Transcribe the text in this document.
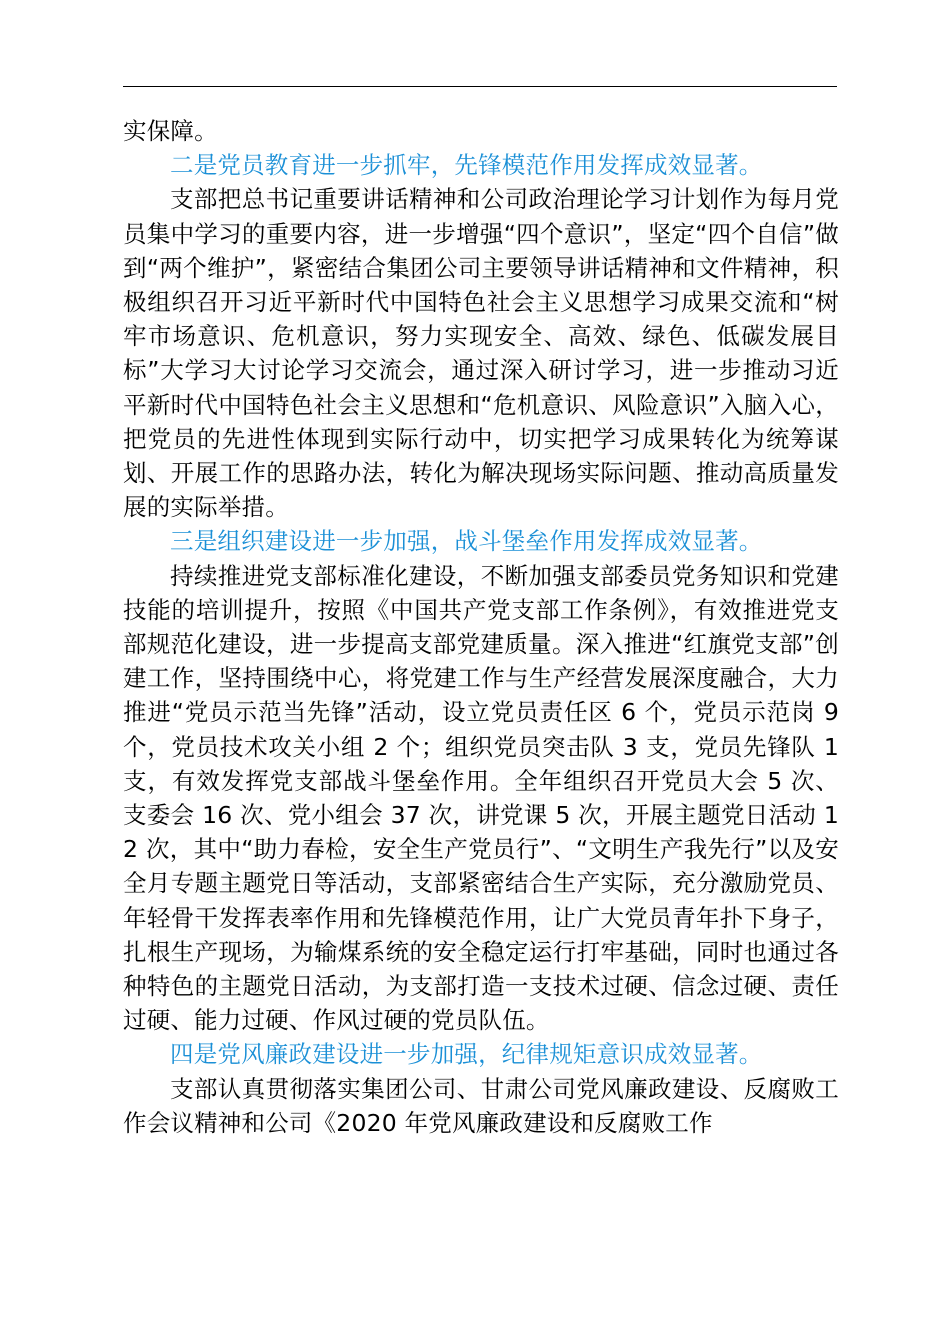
实保障。

二是党员教育进一步抓牢，先锋模范作用发挥成效显著。

支部把总书记重要讲话精神和公司政治理论学习计划作为每月党员集中学习的重要内容，进一步增强“四个意识”，坚定“四个自信”做到“两个维护”，紧密结合集团公司主要领导讲话精神和文件精神，积极组织召开习近平新时代中国特色社会主义思想学习成果交流和“树牢市场意识、危机意识，努力实现安全、高效、绿色、低碳发展目标”大学习大讨论学习交流会，通过深入研讨学习，进一步推动习近平新时代中国特色社会主义思想和“危机意识、风险意识”入脑入心，把党员的先进性体现到实际行动中，切实把学习成果转化为统筹谋划、开展工作的思路办法，转化为解决现场实际问题、推动高质量发展的实际举措。

三是组织建设进一步加强，战斗堡垒作用发挥成效显著。

持续推进党支部标准化建设，不断加强支部委员党务知识和党建技能的培训提升，按照《中国共产党支部工作条例》，有效推进党支部规范化建设，进一步提高支部党建质量。深入推进“红旗党支部”创建工作，坚持围绕中心，将党建工作与生产经营发展深度融合，大力推进“党员示范当先锋”活动，设立党员责任区 6 个，党员示范岗 9 个，党员技术攻关小组 2 个；组织党员突击队 3 支，党员先锋队 1 支，有效发挥党支部战斗堡垒作用。全年组织召开党员大会 5 次、支委会 16 次、党小组会 37 次，讲党课 5 次，开展主题党日活动 12 次，其中“助力春检，安全生产党员行”、“文明生产我先行”以及安全月专题主题党日等活动，支部紧密结合生产实际，充分激励党员、年轻骨干发挥表率作用和先锋模范作用，让广大党员青年扑下身子，扎根生产现场，为输煤系统的安全稳定运行打牢基础，同时也通过各种特色的主题党日活动，为支部打造一支技术过硬、信念过硬、责任过硬、能力过硬、作风过硬的党员队伍。

四是党风廉政建设进一步加强，纪律规矩意识成效显著。

支部认真贯彻落实集团公司、甘肃公司党风廉政建设、反腐败工作会议精神和公司《2020 年党风廉政建设和反腐败工作
